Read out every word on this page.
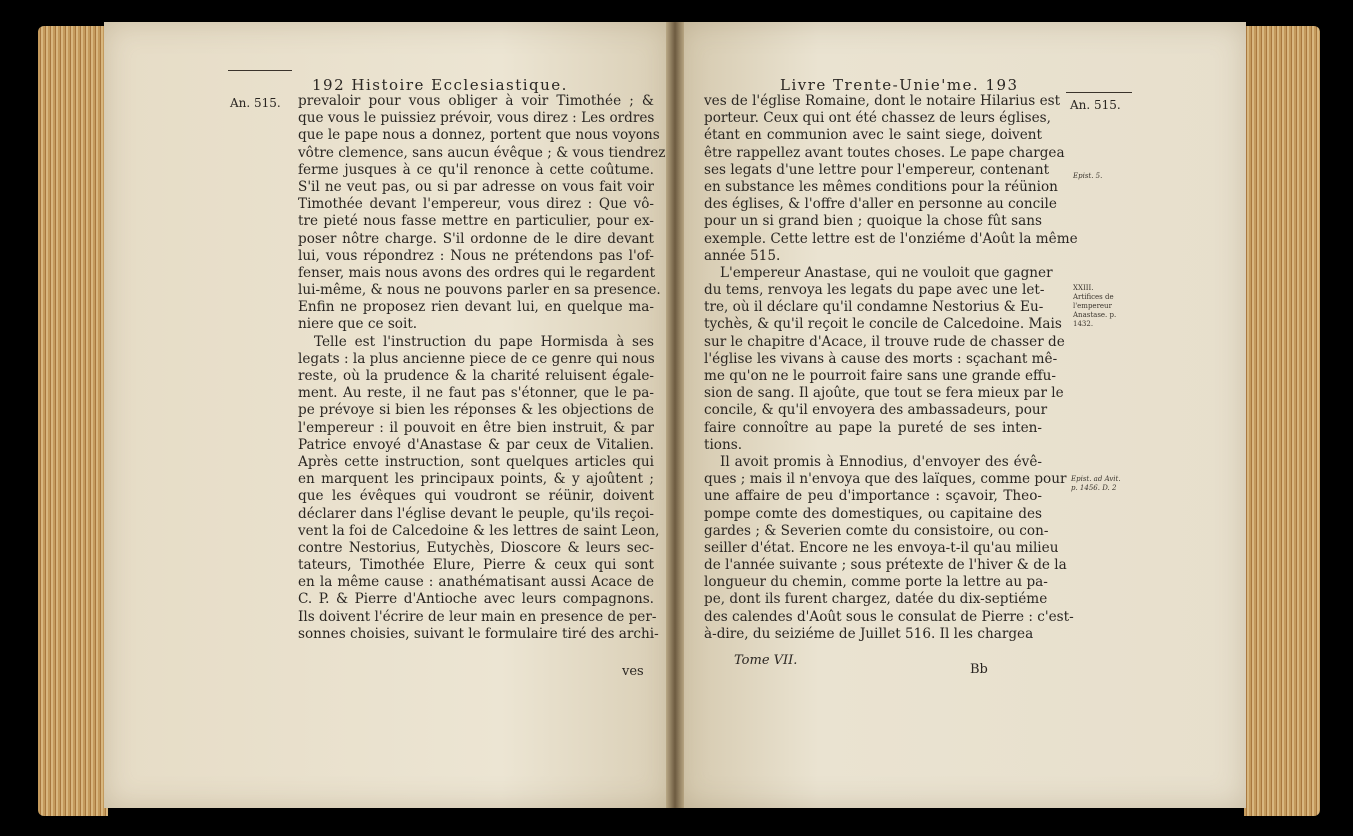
An. 515.
192 Histoire Ecclesiastique.
prevaloir pour vous obliger à voir Timothée ; &
que vous le puissiez prévoir, vous direz : Les ordres
que le pape nous a donnez, portent que nous voyons
vôtre clemence, sans aucun évêque ; & vous tiendrez
ferme jusques à ce qu'il renonce à cette coûtume.
S'il ne veut pas, ou si par adresse on vous fait voir
Timothée devant l'empereur, vous direz : Que vô-
tre pieté nous fasse mettre en particulier, pour ex-
poser nôtre charge. S'il ordonne de le dire devant
lui, vous répondrez : Nous ne prétendons pas l'of-
fenser, mais nous avons des ordres qui le regardent
lui-même, & nous ne pouvons parler en sa presence.
Enfin ne proposez rien devant lui, en quelque ma-
niere que ce soit.
Telle est l'instruction du pape Hormisda à ses
legats : la plus ancienne piece de ce genre qui nous
reste, où la prudence & la charité reluisent égale-
ment. Au reste, il ne faut pas s'étonner, que le pa-
pe prévoye si bien les réponses & les objections de
l'empereur : il pouvoit en être bien instruit, & par
Patrice envoyé d'Anastase & par ceux de Vitalien.
Après cette instruction, sont quelques articles qui
en marquent les principaux points, & y ajoûtent ;
que les évêques qui voudront se réünir, doivent
déclarer dans l'église devant le peuple, qu'ils reçoi-
vent la foi de Calcedoine & les lettres de saint Leon,
contre Nestorius, Eutychès, Dioscore & leurs sec-
tateurs, Timothée Elure, Pierre & ceux qui sont
en la même cause : anathématisant aussi Acace de
C. P. & Pierre d'Antioche avec leurs compagnons.
Ils doivent l'écrire de leur main en presence de per-
sonnes choisies, suivant le formulaire tiré des archi-
ves
Livre Trente-Unie'me. 193
An. 515.
ves de l'église Romaine, dont le notaire Hilarius est
porteur. Ceux qui ont été chassez de leurs églises,
étant en communion avec le saint siege, doivent
être rappellez avant toutes choses. Le pape chargea
ses legats d'une lettre pour l'empereur, contenant
en substance les mêmes conditions pour la réünion
des églises, & l'offre d'aller en personne au concile
pour un si grand bien ; quoique la chose fût sans
exemple. Cette lettre est de l'onziéme d'Août la même
année 515.
L'empereur Anastase, qui ne vouloit que gagner
du tems, renvoya les legats du pape avec une let-
tre, où il déclare qu'il condamne Nestorius & Eu-
tychès, & qu'il reçoit le concile de Calcedoine. Mais
sur le chapitre d'Acace, il trouve rude de chasser de
l'église les vivans à cause des morts : sçachant mê-
me qu'on ne le pourroit faire sans une grande effu-
sion de sang. Il ajoûte, que tout se fera mieux par le
concile, & qu'il envoyera des ambassadeurs, pour
faire connoître au pape la pureté de ses inten-
tions.
Il avoit promis à Ennodius, d'envoyer des évê-
ques ; mais il n'envoya que des laïques, comme pour
une affaire de peu d'importance : sçavoir, Theo-
pompe comte des domestiques, ou capitaine des
gardes ; & Severien comte du consistoire, ou con-
seiller d'état. Encore ne les envoya-t-il qu'au milieu
de l'année suivante ; sous prétexte de l'hiver & de la
longueur du chemin, comme porte la lettre au pa-
pe, dont ils furent chargez, datée du dix-septiéme
des calendes d'Août sous le consulat de Pierre : c'est-
à-dire, du seiziéme de Juillet 516. Il les chargea
Epist. 5.
XXIII. Artifices de l'empereur Anastase. p. 1432.
Epist. ad Avit. p. 1456. D. 2
Tome VII.
Bb
